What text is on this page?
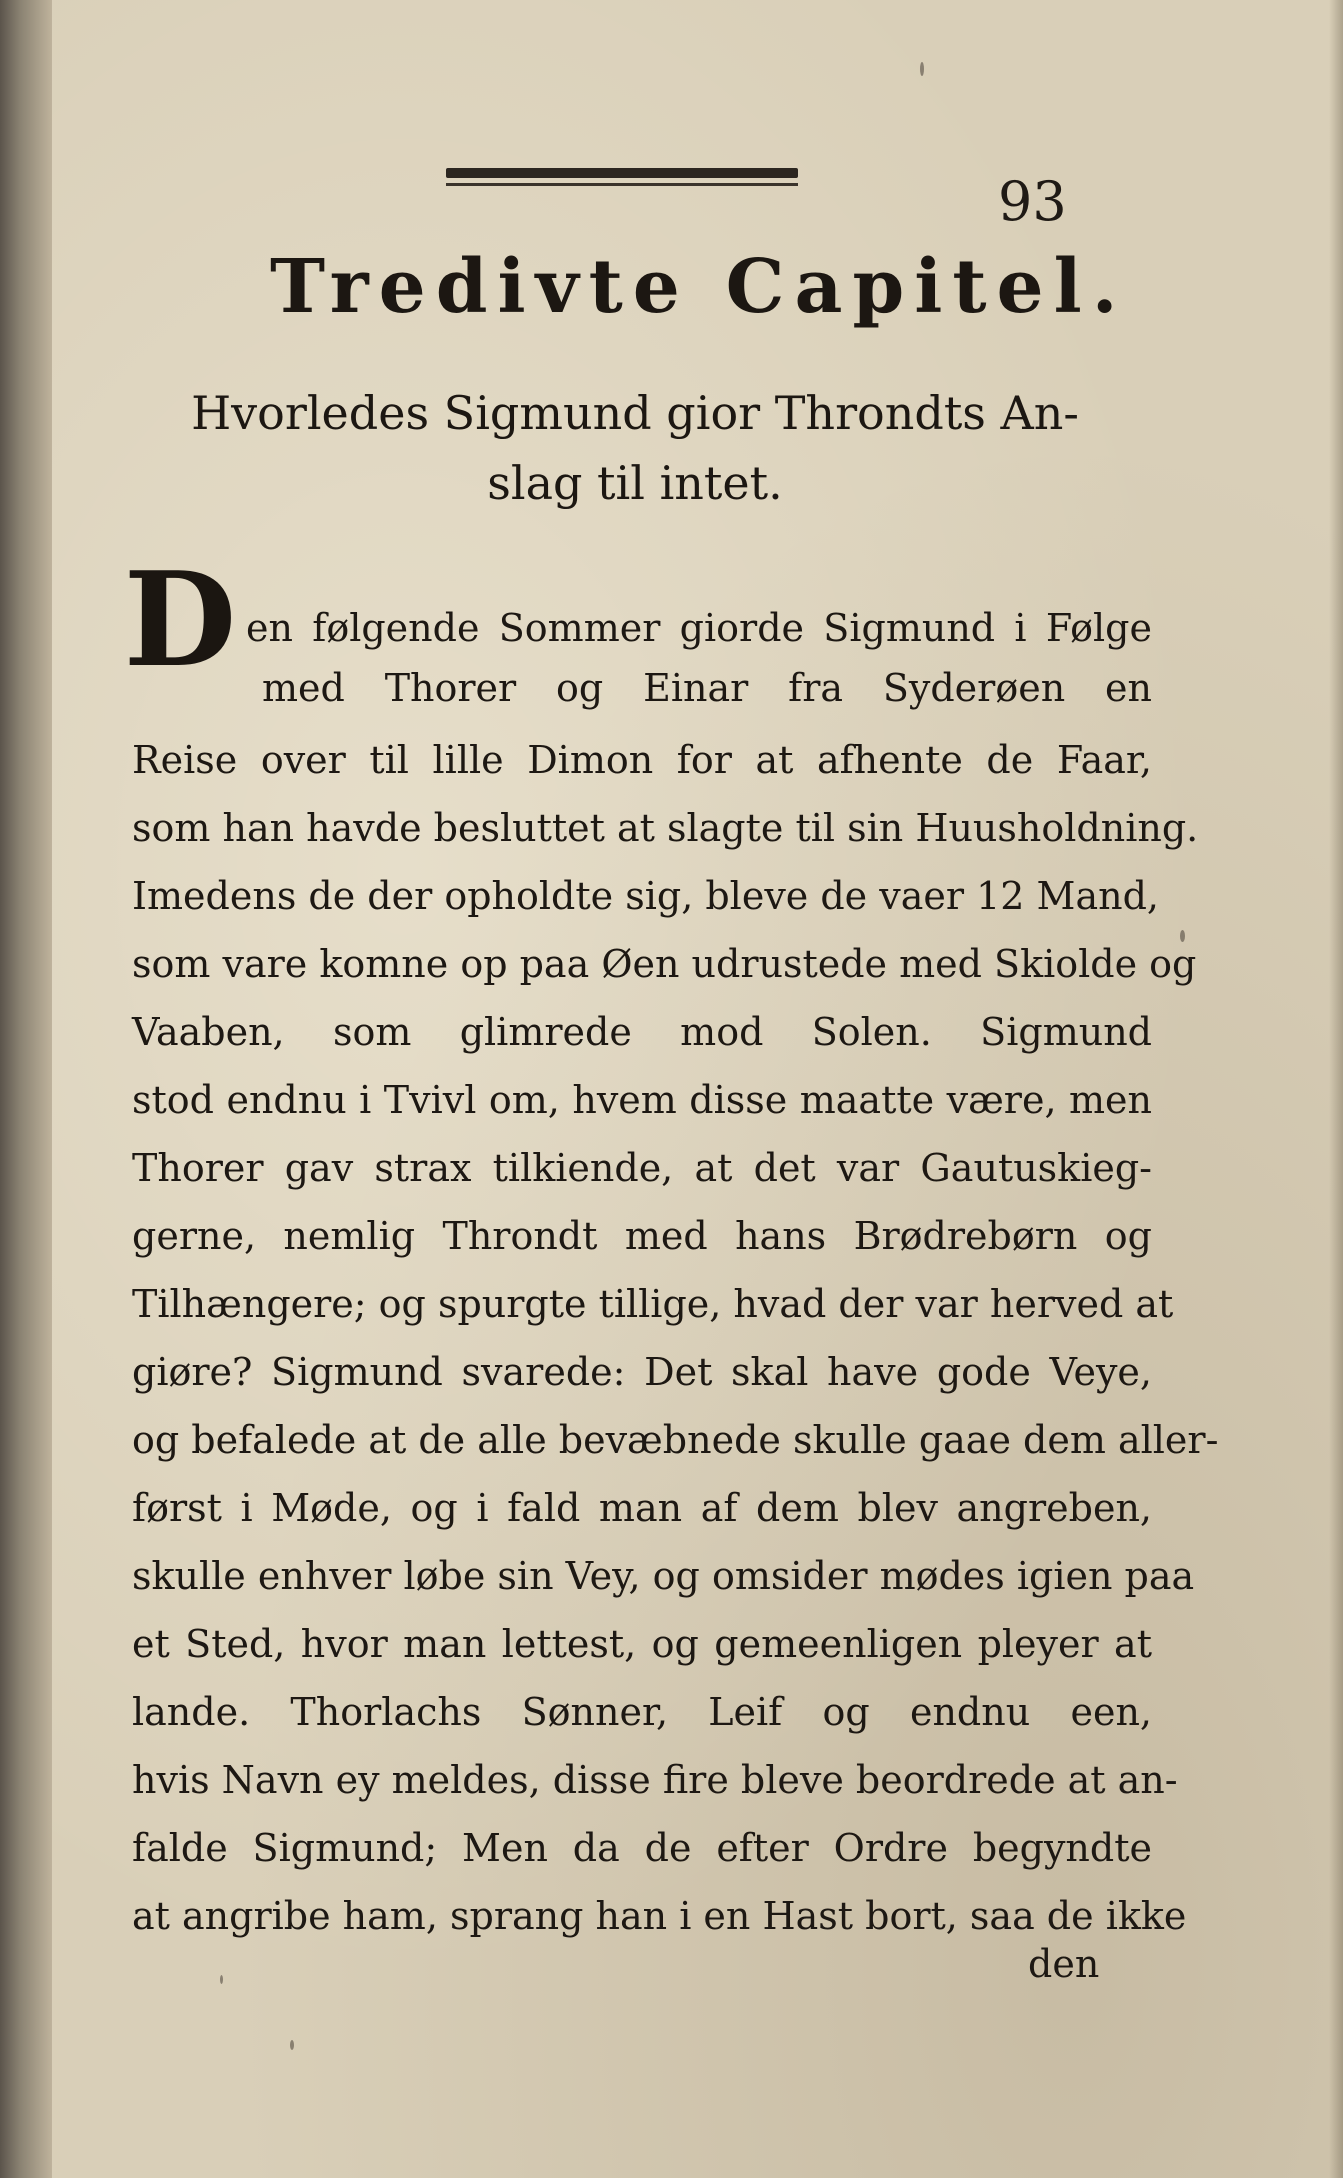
93
Tredivte Capitel.
Hvorledes Sigmund gior Throndts An-
slag til intet.
D en følgende Sommer giorde Sigmund i Følge
med Thorer og Einar fra Syderøen en
Reise over til lille Dimon for at afhente de Faar,
som han havde besluttet at slagte til sin Huusholdning.
Imedens de der opholdte sig, bleve de vaer 12 Mand,
som vare komne op paa Øen udrustede med Skiolde og
Vaaben, som glimrede mod Solen. Sigmund
stod endnu i Tvivl om, hvem disse maatte være, men
Thorer gav strax tilkiende, at det var Gautuskieg-
gerne, nemlig Throndt med hans Brødrebørn og
Tilhængere; og spurgte tillige, hvad der var herved at
giøre? Sigmund svarede: Det skal have gode Veye,
og befalede at de alle bevæbnede skulle gaae dem aller-
først i Møde, og i fald man af dem blev angreben,
skulle enhver løbe sin Vey, og omsider mødes igien paa
et Sted, hvor man lettest, og gemeenligen pleyer at
lande. Thorlachs Sønner, Leif og endnu een,
hvis Navn ey meldes, disse fire bleve beordrede at an-
falde Sigmund; Men da de efter Ordre begyndte
at angribe ham, sprang han i en Hast bort, saa de ikke
den
